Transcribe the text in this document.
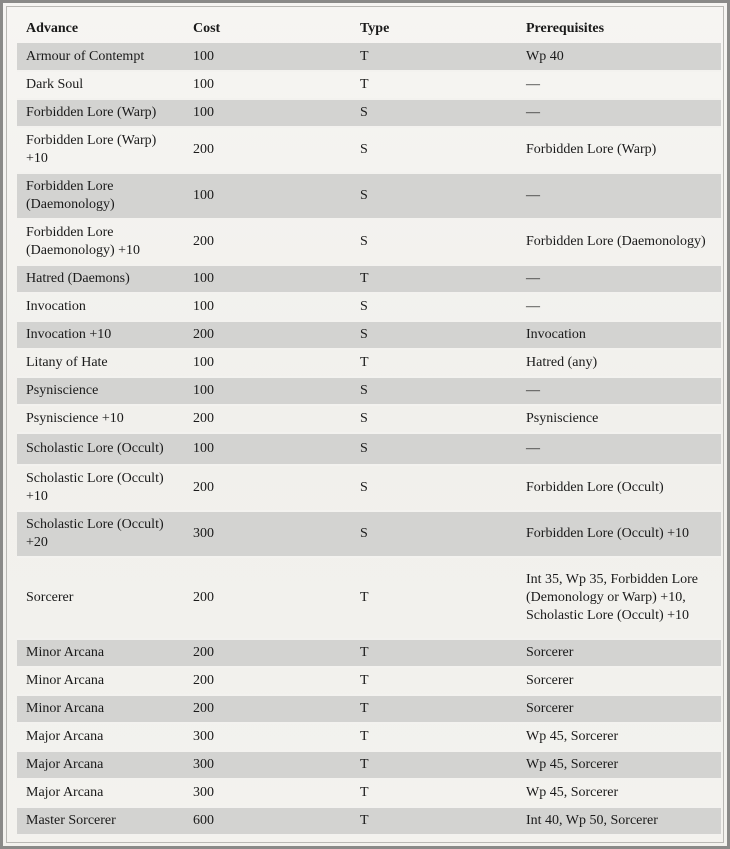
Advance	Cost	Type	Prerequisites
Armour of Contempt	100	T	Wp 40
Dark Soul	100	T	—
Forbidden Lore (Warp)	100	S	—
Forbidden Lore (Warp) +10	200	S	Forbidden Lore (Warp)
Forbidden Lore (Daemonology)	100	S	—
Forbidden Lore (Daemonology) +10	200	S	Forbidden Lore (Daemonology)
Hatred (Daemons)	100	T	—
Invocation	100	S	—
Invocation +10	200	S	Invocation
Litany of Hate	100	T	Hatred (any)
Psyniscience	100	S	—
Psyniscience +10	200	S	Psyniscience
Scholastic Lore (Occult)	100	S	—
Scholastic Lore (Occult) +10	200	S	Forbidden Lore (Occult)
Scholastic Lore (Occult) +20	300	S	Forbidden Lore (Occult) +10
Sorcerer	200	T	Int 35, Wp 35, Forbidden Lore (Demonology or Warp) +10, Scholastic Lore (Occult) +10
Minor Arcana	200	T	Sorcerer
Minor Arcana	200	T	Sorcerer
Minor Arcana	200	T	Sorcerer
Major Arcana	300	T	Wp 45, Sorcerer
Major Arcana	300	T	Wp 45, Sorcerer
Major Arcana	300	T	Wp 45, Sorcerer
Master Sorcerer	600	T	Int 40, Wp 50, Sorcerer
